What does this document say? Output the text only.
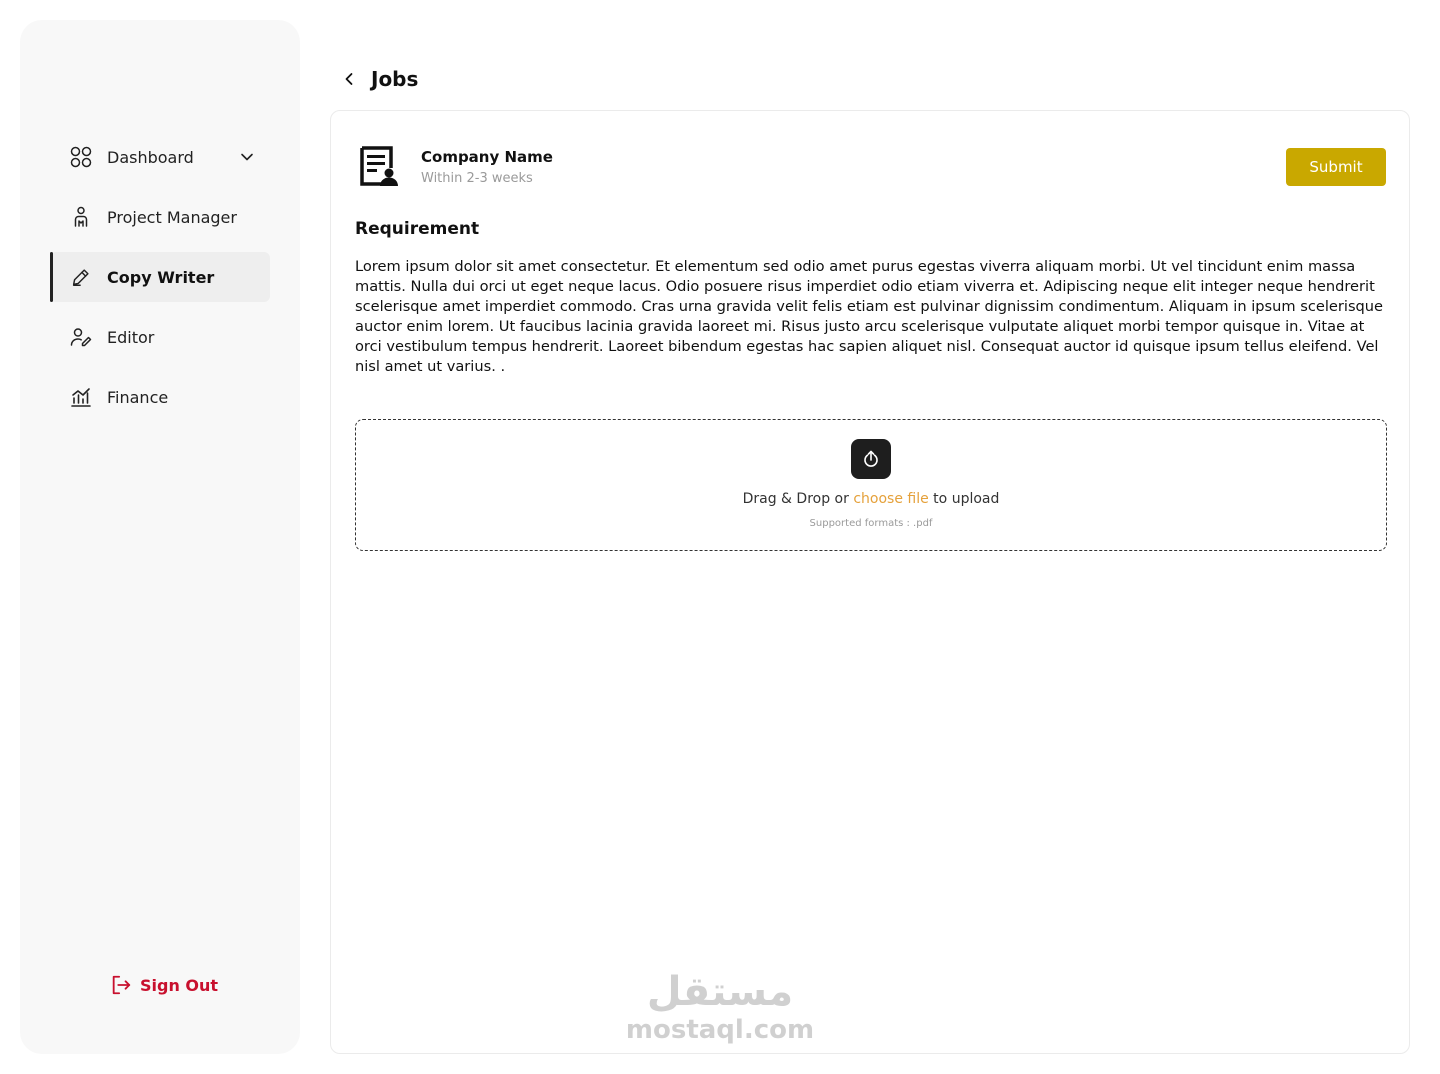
Dashboard
Project Manager
Copy Writer
Editor
Finance
Sign Out
Jobs
Company Name
Within 2-3 weeks
Submit
Requirement

Lorem ipsum dolor sit amet consectetur. Et elementum sed odio amet purus egestas viverra aliquam morbi. Ut vel tincidunt enim massa mattis. Nulla dui orci ut eget neque lacus. Odio posuere risus imperdiet odio etiam viverra et. Adipiscing neque elit integer neque hendrerit scelerisque amet imperdiet commodo. Cras urna gravida velit felis etiam est pulvinar dignissim condimentum. Aliquam in ipsum scelerisque auctor enim lorem. Ut faucibus lacinia gravida laoreet mi. Risus justo arcu scelerisque vulputate aliquet morbi tempor quisque in. Vitae at orci vestibulum tempus hendrerit. Laoreet bibendum egestas hac sapien aliquet nisl. Consequat auctor id quisque ipsum tellus eleifend. Vel nisl amet ut varius. .

Drag & Drop or choose file to upload
Supported formats : .pdf
مستقل
mostaql.com
